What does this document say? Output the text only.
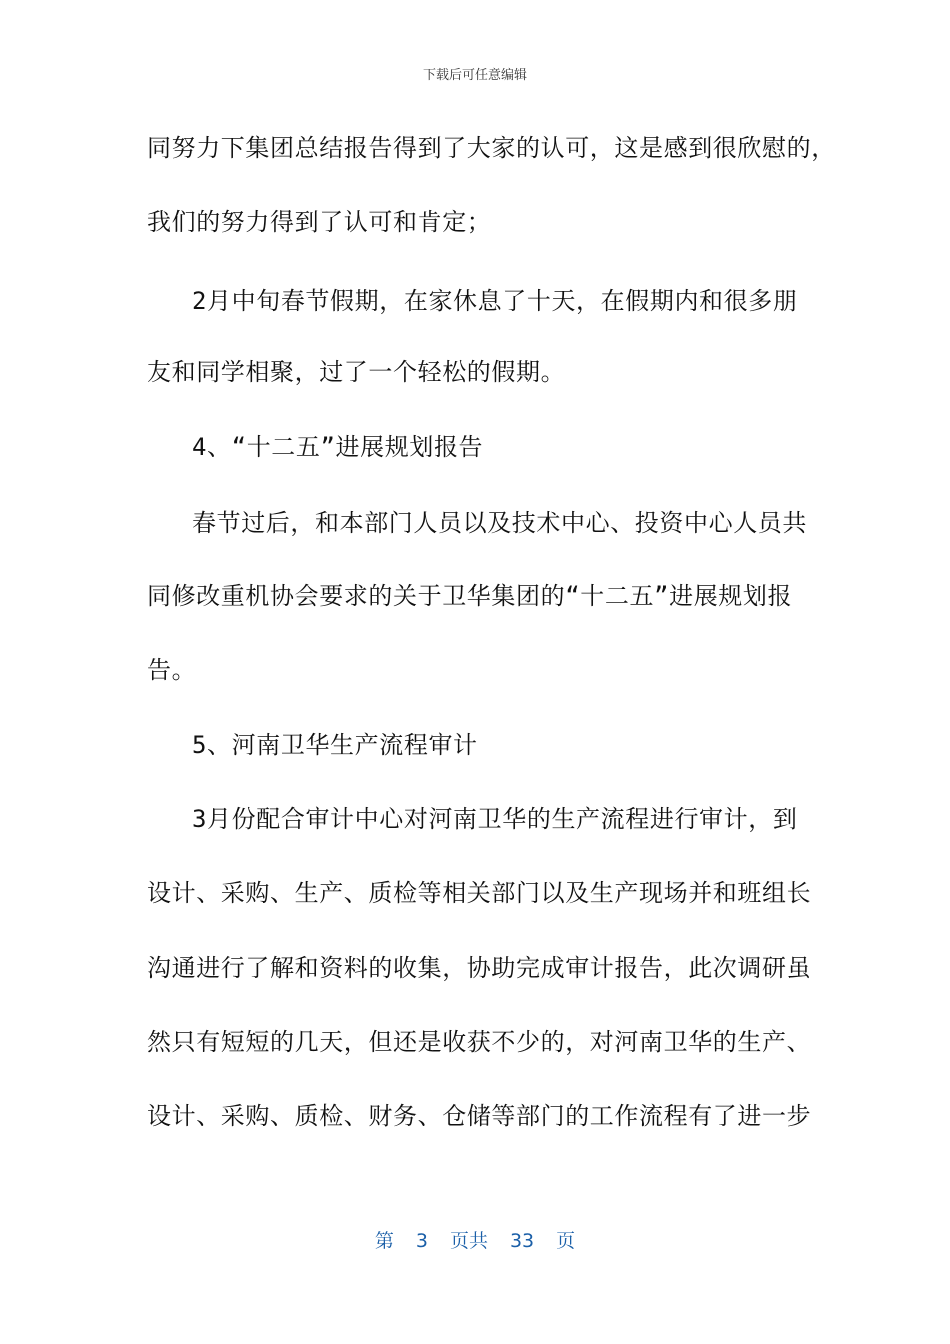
下载后可任意编辑
同努力下集团总结报告得到了大家的认可，这是感到很欣慰的，
我们的努力得到了认可和肯定；
2月中旬春节假期，在家休息了十天，在假期内和很多朋
友和同学相聚，过了一个轻松的假期。
4、“十二五”进展规划报告
春节过后，和本部门人员以及技术中心、投资中心人员共
同修改重机协会要求的关于卫华集团的“十二五”进展规划报
告。
5、河南卫华生产流程审计
3月份配合审计中心对河南卫华的生产流程进行审计，到
设计、采购、生产、质检等相关部门以及生产现场并和班组长
沟通进行了解和资料的收集，协助完成审计报告，此次调研虽
然只有短短的几天，但还是收获不少的，对河南卫华的生产、
设计、采购、质检、财务、仓储等部门的工作流程有了进一步
第 3 页共 33 页
